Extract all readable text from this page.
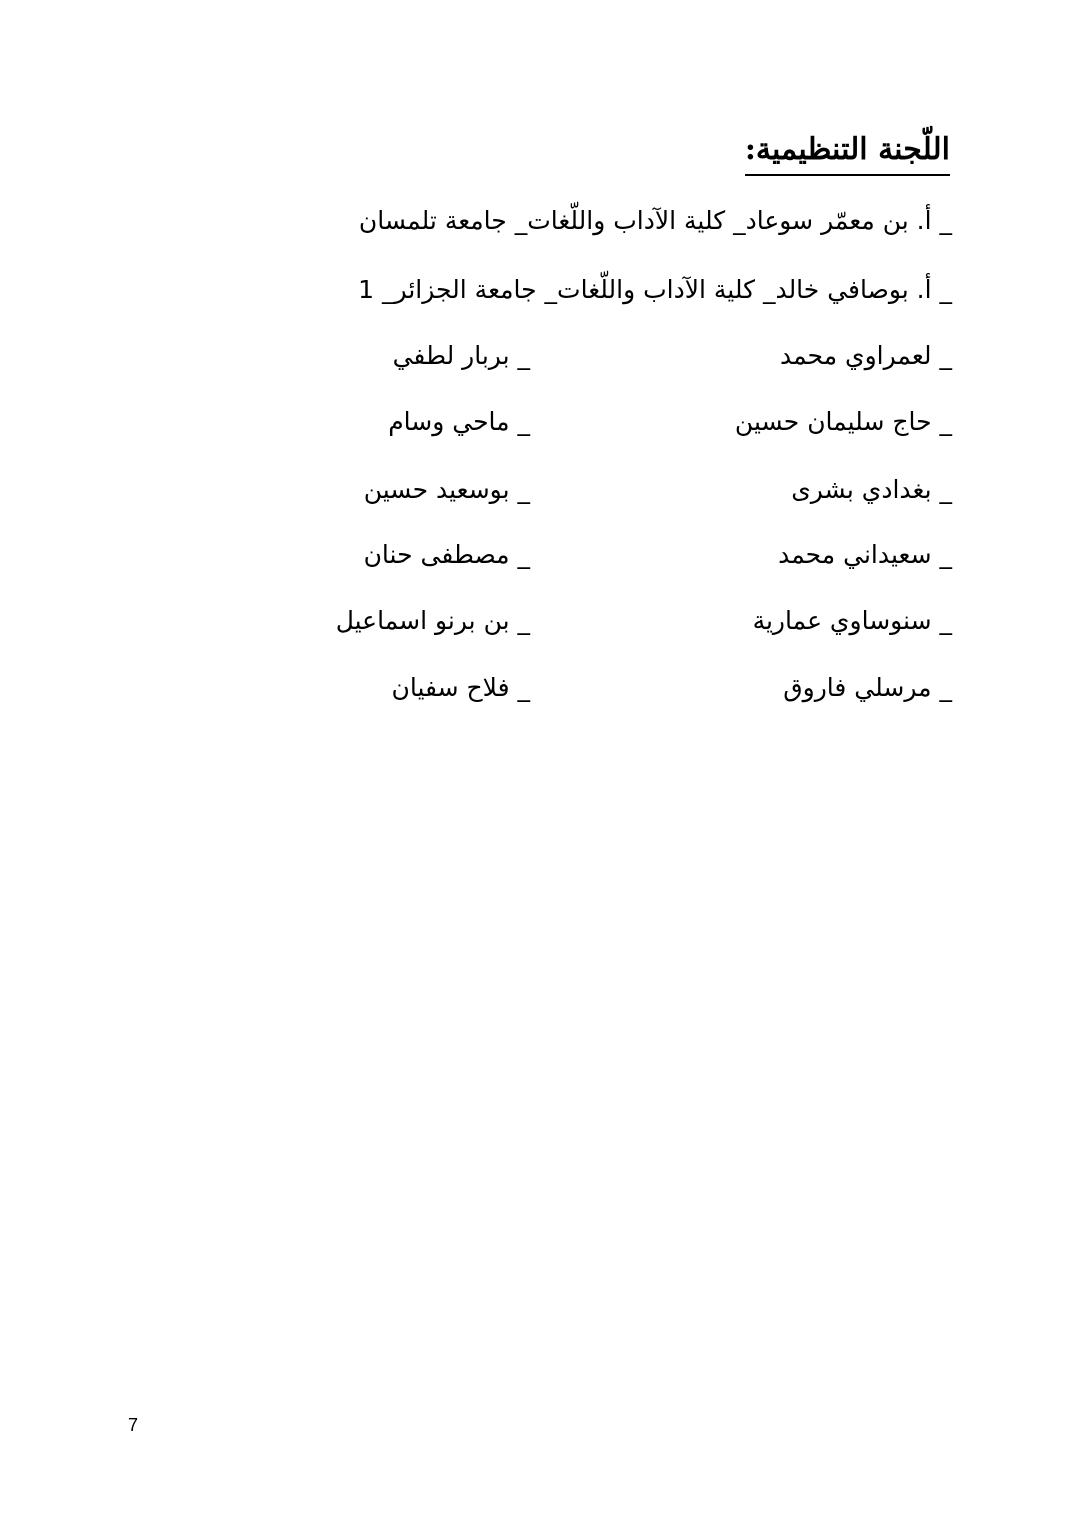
اللّجنة التنظيمية:
_ أ. بن معمّر سوعاد_ كلية الآداب واللّغات_ جامعة تلمسان
_ أ. بوصافي خالد_ كلية الآداب واللّغات_ جامعة الجزائر_ 1
_ لعمراوي محمد
_ بربار لطفي
_ حاج سليمان حسين
_ ماحي وسام
_ بغدادي بشرى
_ بوسعيد حسين
_ سعيداني محمد
_ مصطفى حنان
_ سنوساوي عمارية
_ بن برنو اسماعيل
_ مرسلي فاروق
_ فلاح سفيان
7
